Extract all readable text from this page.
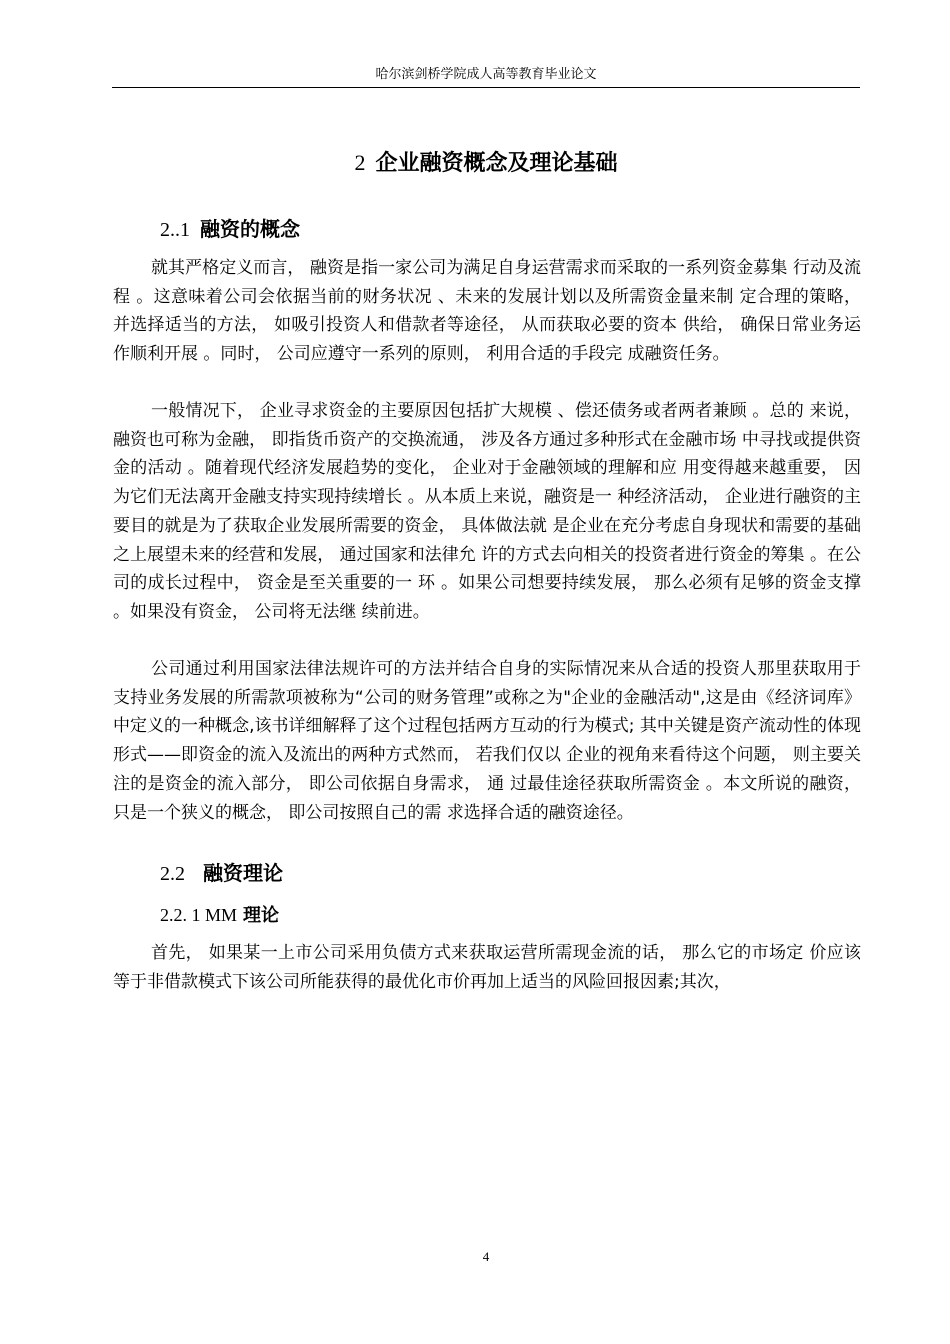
哈尔滨剑桥学院成人高等教育毕业论文
2 企业融资概念及理论基础
2..1 融资的概念

就其严格定义而言， 融资是指一家公司为满足自身运营需求而采取的一系列资金募集 行动及流程 。这意味着公司会依据当前的财务状况 、未来的发展计划以及所需资金量来制 定合理的策略， 并选择适当的方法， 如吸引投资人和借款者等途径， 从而获取必要的资本 供给， 确保日常业务运作顺利开展 。同时， 公司应遵守一系列的原则， 利用合适的手段完 成融资任务。

一般情况下， 企业寻求资金的主要原因包括扩大规模 、偿还债务或者两者兼顾 。总的 来说， 融资也可称为金融， 即指货币资产的交换流通， 涉及各方通过多种形式在金融市场 中寻找或提供资金的活动 。随着现代经济发展趋势的变化， 企业对于金融领域的理解和应 用变得越来越重要， 因为它们无法离开金融支持实现持续增长 。从本质上来说，融资是一 种经济活动， 企业进行融资的主要目的就是为了获取企业发展所需要的资金， 具体做法就 是企业在充分考虑自身现状和需要的基础之上展望未来的经营和发展， 通过国家和法律允 许的方式去向相关的投资者进行资金的筹集 。在公司的成长过程中， 资金是至关重要的一 环 。如果公司想要持续发展， 那么必须有足够的资金支撑 。如果没有资金， 公司将无法继 续前进。

公司通过利用国家法律法规许可的方法并结合自身的实际情况来从合适的投资人那里获取用于支持业务发展的所需款项被称为“公司的财务管理”或称之为"企业的金融活动",这是由《经济词库》中定义的一种概念,该书详细解释了这个过程包括两方互动的行为模式; 其中关键是资产流动性的体现形式——即资金的流入及流出的两种方式然而， 若我们仅以 企业的视角来看待这个问题， 则主要关注的是资金的流入部分， 即公司依据自身需求， 通 过最佳途径获取所需资金 。本文所说的融资， 只是一个狭义的概念， 即公司按照自己的需 求选择合适的融资途径。

2.2 融资理论
2.2. 1 MM 理论

首先， 如果某一上市公司采用负债方式来获取运营所需现金流的话， 那么它的市场定 价应该等于非借款模式下该公司所能获得的最优化市价再加上适当的风险回报因素;其次，

4
